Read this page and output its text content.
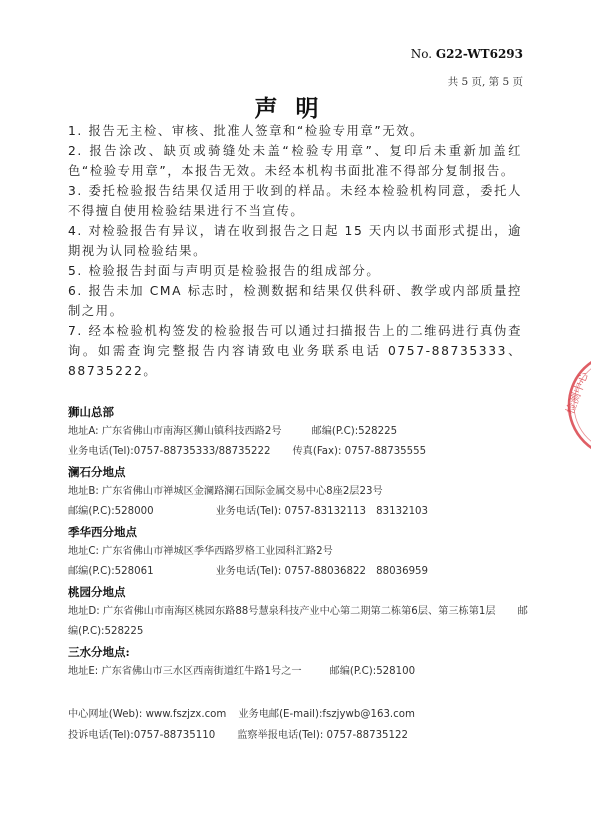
No. G22-WT6293
共 5 页, 第 5 页
声明

1. 报告无主检、审核、批准人签章和“检验专用章”无效。

2. 报告涂改、缺页或骑缝处未盖“检验专用章”、复印后未重新加盖红色“检验专用章”，本报告无效。未经本机构书面批准不得部分复制报告。

3. 委托检验报告结果仅适用于收到的样品。未经本检验机构同意，委托人不得擅自使用检验结果进行不当宣传。

4. 对检验报告有异议，请在收到报告之日起 15 天内以书面形式提出，逾期视为认同检验结果。

5. 检验报告封面与声明页是检验报告的组成部分。

6. 报告未加 CMA 标志时，检测数据和结果仅供科研、教学或内部质量控制之用。

7. 经本检验机构签发的检验报告可以通过扫描报告上的二维码进行真伪查询。如需查询完整报告内容请致电业务联系电话 0757-88735333、88735222。

狮山总部
地址A: 广东省佛山市南海区狮山镇科技西路2号	邮编(P.C):528225
业务电话(Tel):0757-88735333/88735222 传真(Fax): 0757-88735555
澜石分地点
地址B: 广东省佛山市禅城区金澜路澜石国际金属交易中心8座2层23号
邮编(P.C):528000	业务电话(Tel): 0757-83132113　83132103
季华西分地点
地址C: 广东省佛山市禅城区季华西路罗格工业园科汇路2号
邮编(P.C):528061	业务电话(Tel): 0757-88036822　88036959
桃园分地点
地址D: 广东省佛山市南海区桃园东路88号慧泉科技产业中心第二期第二栋第6层、第三栋第1层 邮编(P.C):528225
三水分地点:
地址E: 广东省佛山市三水区西南街道红牛路1号之一	邮编(P.C):528100
中心网址(Web): www.fszjzx.com 业务电邮(E-mail):fszjywb@163.com
投诉电话(Tel):0757-88735110 监察举报电话(Tel): 0757-88735122
检测中心
